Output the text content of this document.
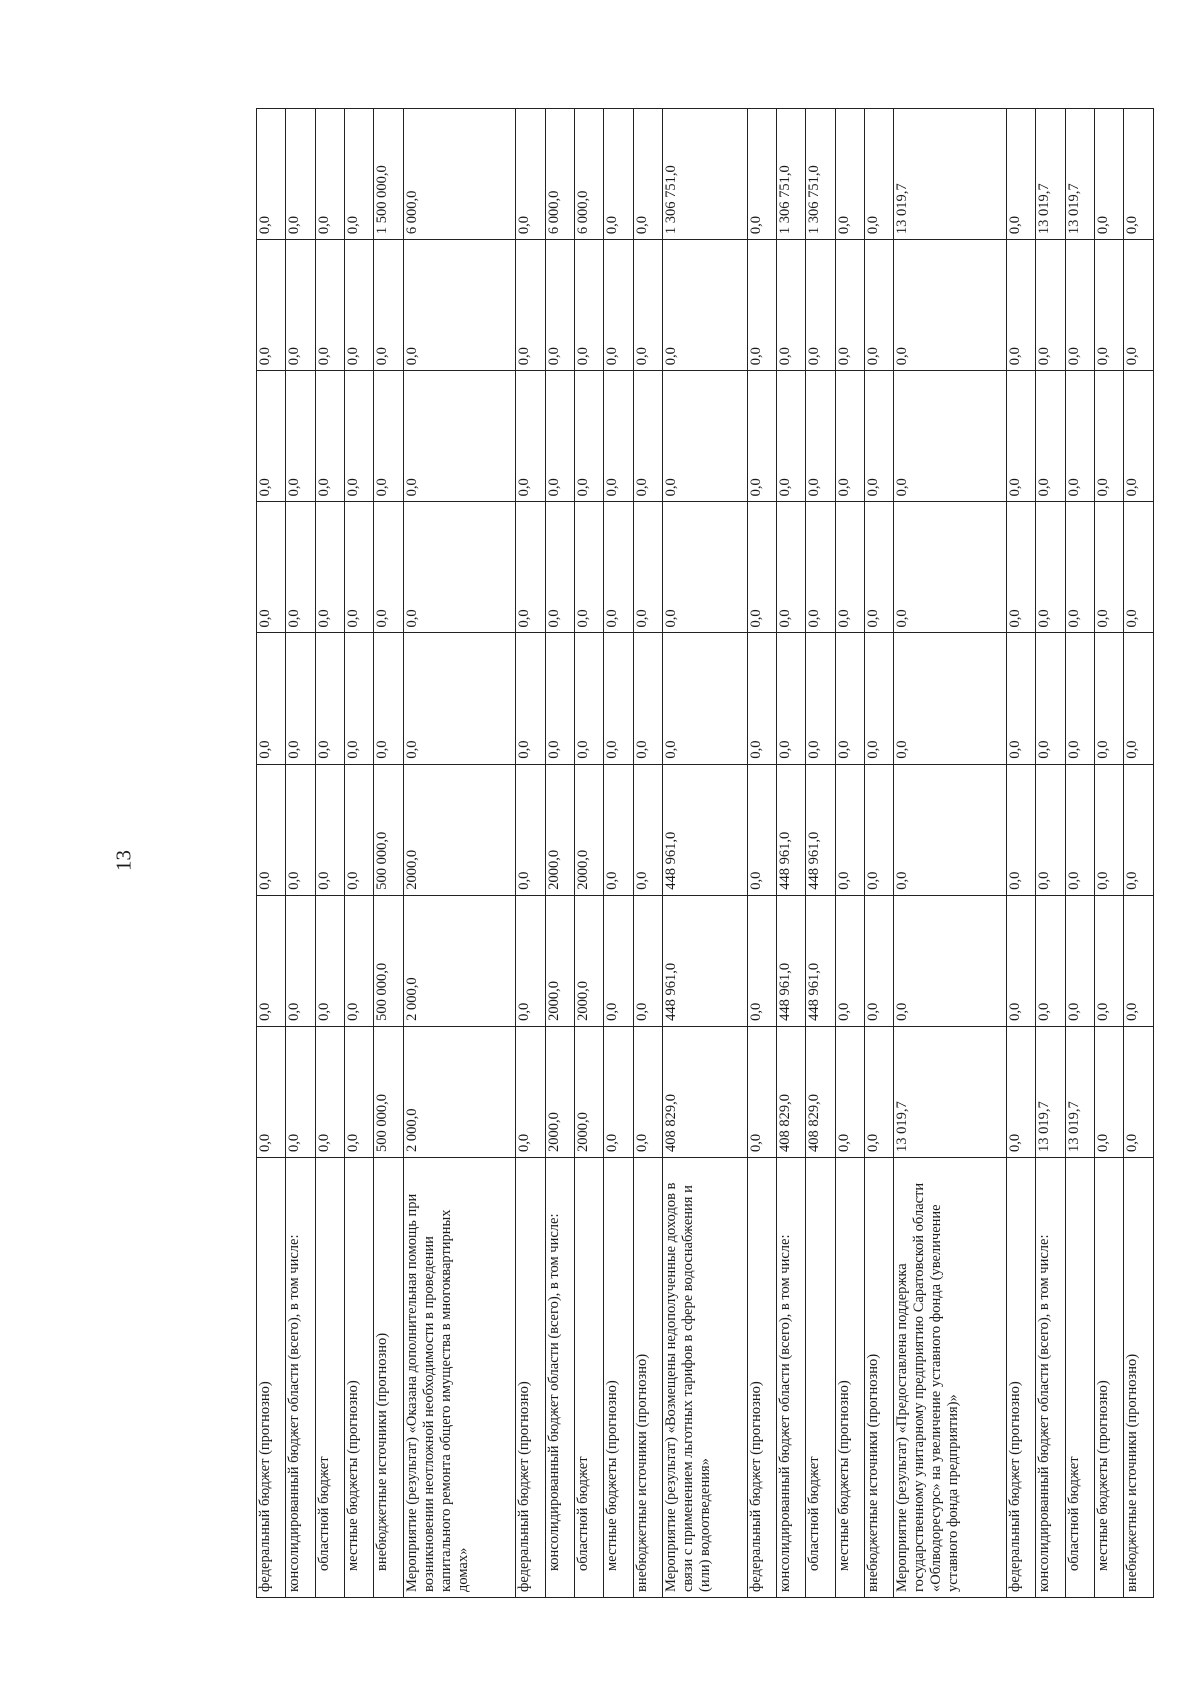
13
федеральный бюджет (прогнозно)	0,0	0,0	0,0	0,0	0,0	0,0	0,0	0,0
консолидированный бюджет области (всего), в том числе:	0,0	0,0	0,0	0,0	0,0	0,0	0,0	0,0
областной бюджет	0,0	0,0	0,0	0,0	0,0	0,0	0,0	0,0
местные бюджеты (прогнозно)	0,0	0,0	0,0	0,0	0,0	0,0	0,0	0,0
внебюджетные источники (прогнозно)	500 000,0	500 000,0	500 000,0	0,0	0,0	0,0	0,0	1 500 000,0
Мероприятие (результат) «Оказана дополнительная помощь при возникновении неотложной необходимости в проведении капитального ремонта общего имущества в многоквартирных домах»	2 000,0	2 000,0	2000,0	0,0	0,0	0,0	0,0	6 000,0
федеральный бюджет (прогнозно)	0,0	0,0	0,0	0,0	0,0	0,0	0,0	0,0
консолидированный бюджет области (всего), в том числе:	2000,0	2000,0	2000,0	0,0	0,0	0,0	0,0	6 000,0
областной бюджет	2000,0	2000,0	2000,0	0,0	0,0	0,0	0,0	6 000,0
местные бюджеты (прогнозно)	0,0	0,0	0,0	0,0	0,0	0,0	0,0	0,0
внебюджетные источники (прогнозно)	0,0	0,0	0,0	0,0	0,0	0,0	0,0	0,0
Мероприятие (результат) «Возмещены недополученные доходов в связи с применением льготных тарифов в сфере водоснабжения и (или) водоотведения»	408 829,0	448 961,0	448 961,0	0,0	0,0	0,0	0,0	1 306 751,0
федеральный бюджет (прогнозно)	0,0	0,0	0,0	0,0	0,0	0,0	0,0	0,0
консолидированный бюджет области (всего), в том числе:	408 829,0	448 961,0	448 961,0	0,0	0,0	0,0	0,0	1 306 751,0
областной бюджет	408 829,0	448 961,0	448 961,0	0,0	0,0	0,0	0,0	1 306 751,0
местные бюджеты (прогнозно)	0,0	0,0	0,0	0,0	0,0	0,0	0,0	0,0
внебюджетные источники (прогнозно)	0,0	0,0	0,0	0,0	0,0	0,0	0,0	0,0
Мероприятие (результат) «Предоставлена поддержка государственному унитарному предприятию Саратовской области «Облводоресурс» на увеличение уставного фонда (увеличение уставного фонда предприятия)»	13 019,7	0,0	0,0	0,0	0,0	0,0	0,0	13 019,7
федеральный бюджет (прогнозно)	0,0	0,0	0,0	0,0	0,0	0,0	0,0	0,0
консолидированный бюджет области (всего), в том числе:	13 019,7	0,0	0,0	0,0	0,0	0,0	0,0	13 019,7
областной бюджет	13 019,7	0,0	0,0	0,0	0,0	0,0	0,0	13 019,7
местные бюджеты (прогнозно)	0,0	0,0	0,0	0,0	0,0	0,0	0,0	0,0
внебюджетные источники (прогнозно)	0,0	0,0	0,0	0,0	0,0	0,0	0,0	0,0
